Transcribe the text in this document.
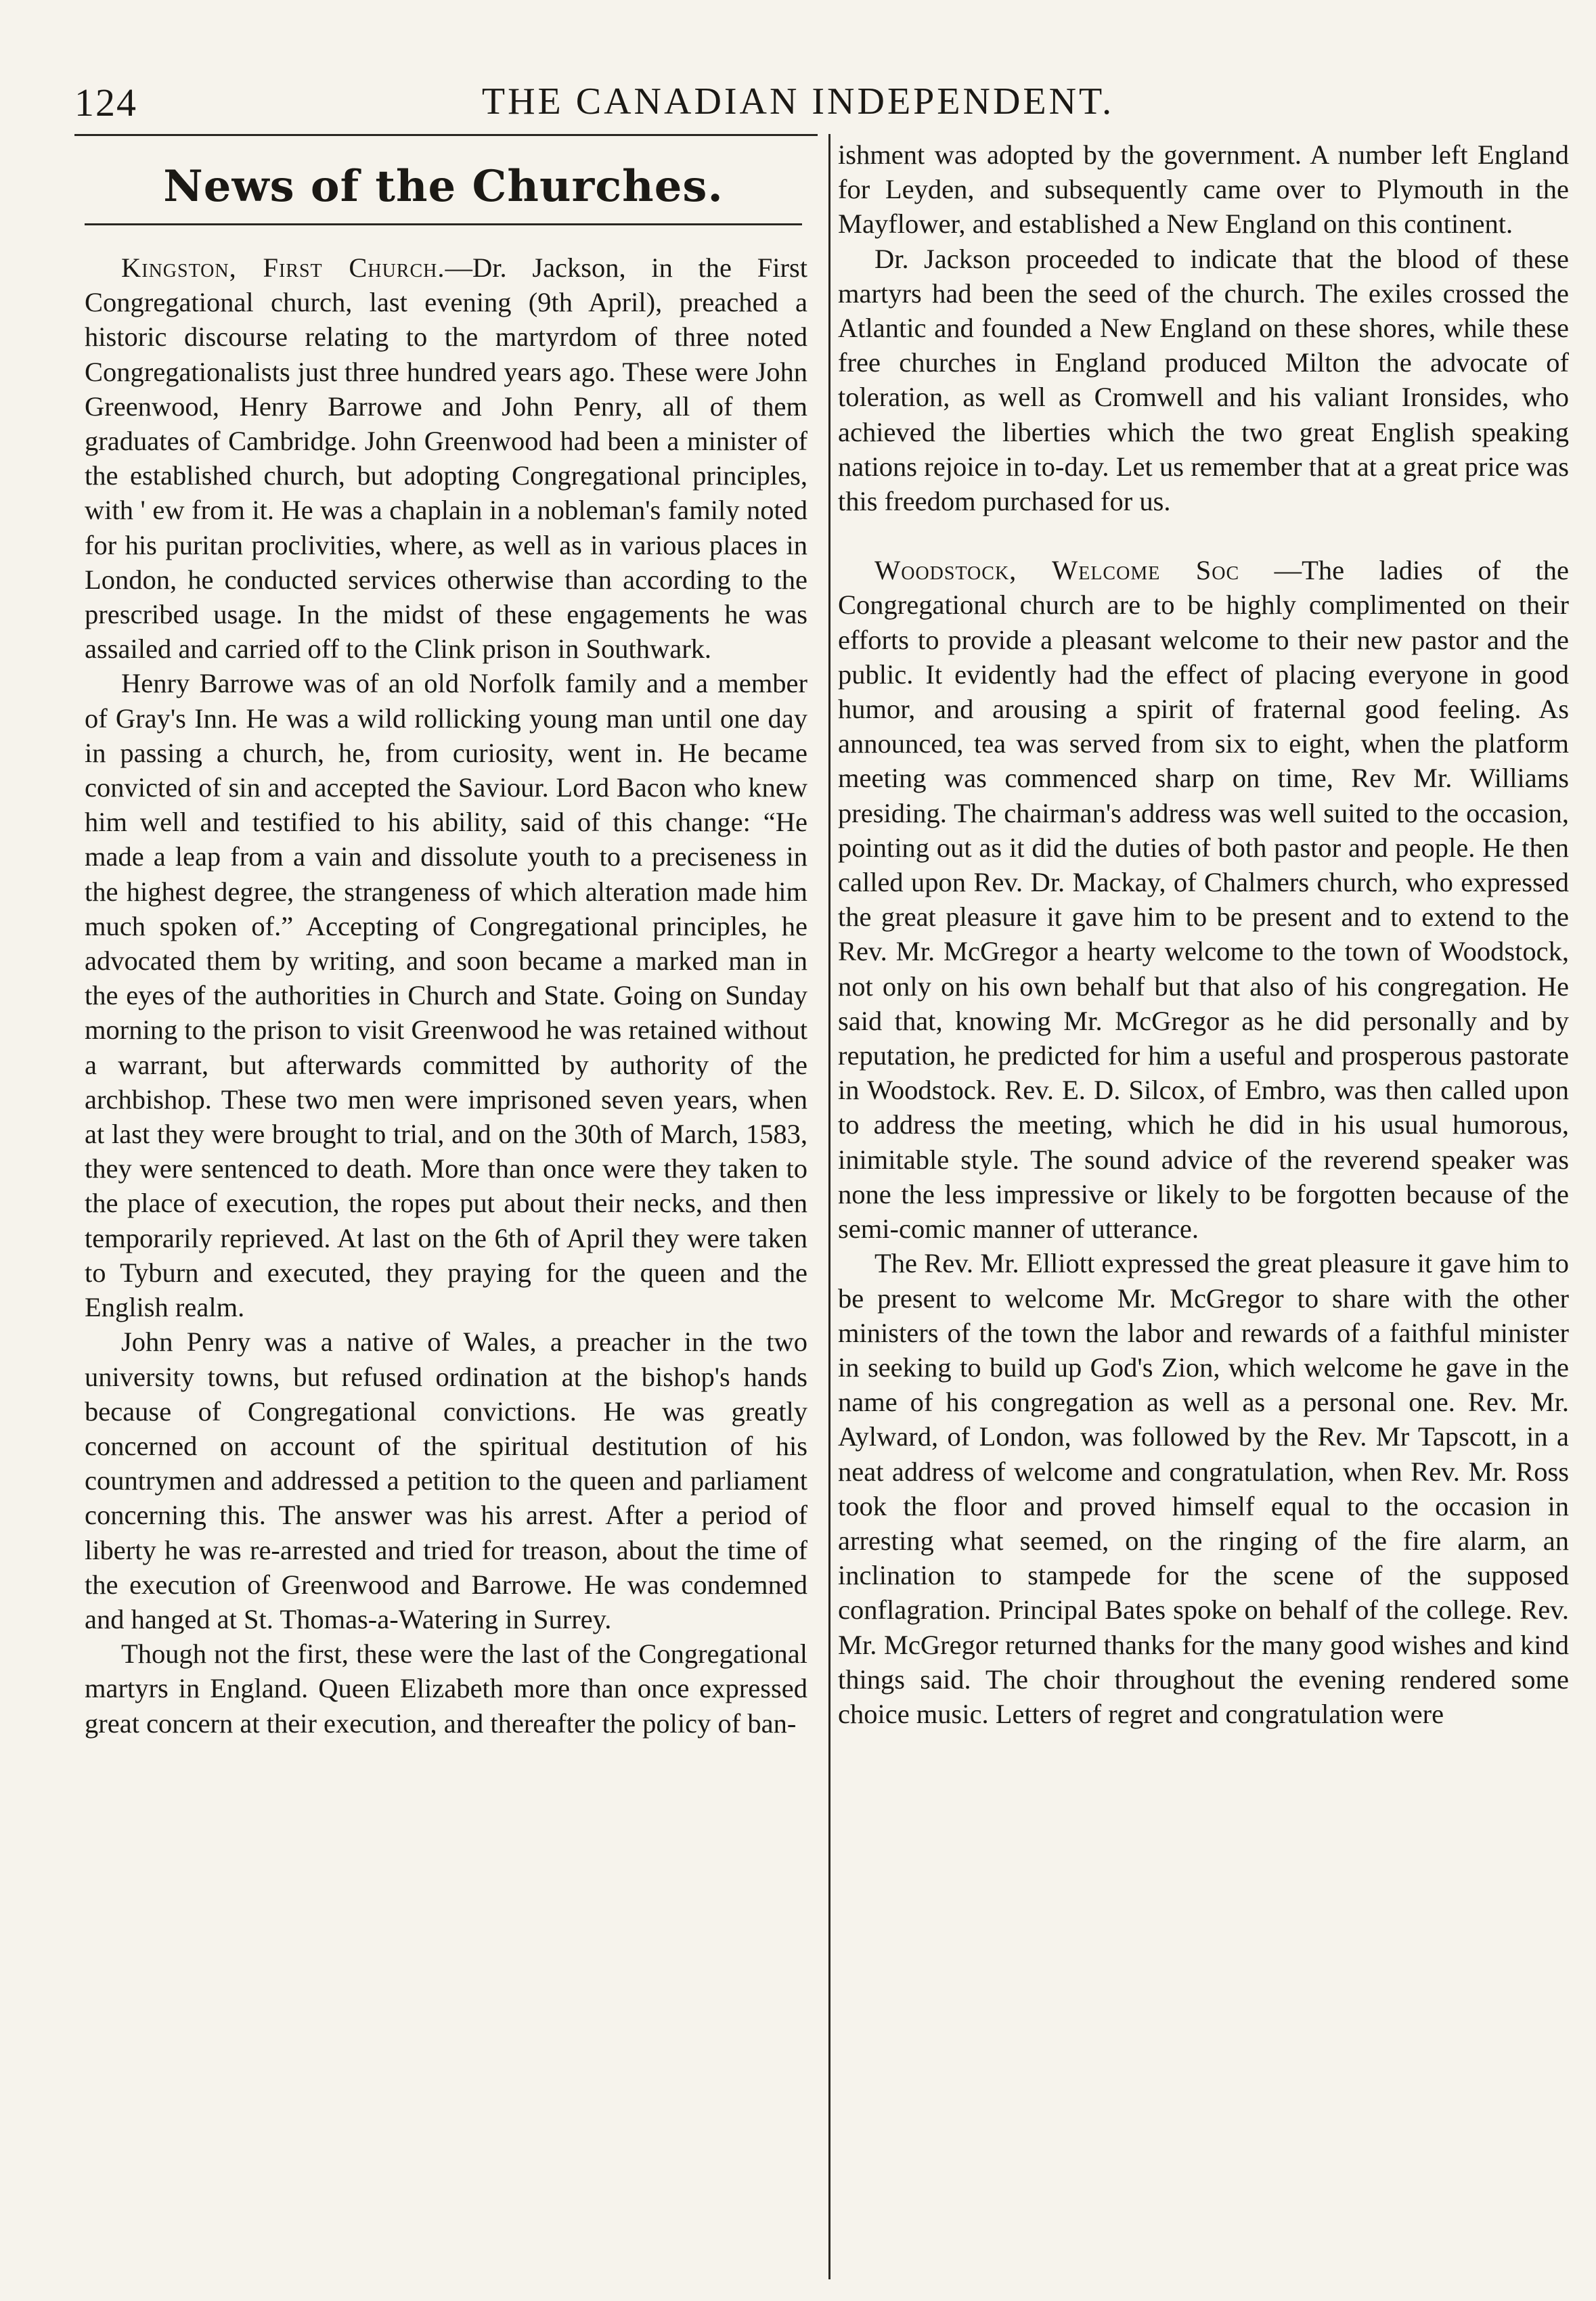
124	THE CANADIAN INDEPENDENT.
News of the Churches.

Kingston, First Church.—Dr. Jackson, in the First Congregational church, last evening (9th April), preached a historic discourse relating to the martyrdom of three noted Congregationalists just three hundred years ago. These were John Greenwood, Henry Barrowe and John Penry, all of them graduates of Cambridge. John Greenwood had been a minister of the established church, but adopting Congregational principles, with ' ew from it. He was a chaplain in a nobleman's family noted for his puritan proclivities, where, as well as in various places in London, he conducted services otherwise than according to the prescribed usage. In the midst of these engagements he was assailed and carried off to the Clink prison in Southwark.

Henry Barrowe was of an old Norfolk family and a member of Gray's Inn. He was a wild rollicking young man until one day in passing a church, he, from curiosity, went in. He became convicted of sin and accepted the Saviour. Lord Bacon who knew him well and testified to his ability, said of this change: “He made a leap from a vain and dissolute youth to a preciseness in the highest degree, the strangeness of which alteration made him much spoken of.” Accepting of Congregational principles, he advocated them by writing, and soon became a marked man in the eyes of the authorities in Church and State. Going on Sunday morning to the prison to visit Greenwood he was retained without a warrant, but afterwards committed by authority of the archbishop. These two men were imprisoned seven years, when at last they were brought to trial, and on the 30th of March, 1583, they were sentenced to death. More than once were they taken to the place of execution, the ropes put about their necks, and then temporarily reprieved. At last on the 6th of April they were taken to Tyburn and executed, they praying for the queen and the English realm.

John Penry was a native of Wales, a preacher in the two university towns, but refused ordination at the bishop's hands because of Congregational convictions. He was greatly concerned on account of the spiritual destitution of his countrymen and addressed a petition to the queen and parliament concerning this. The answer was his arrest. After a period of liberty he was re-arrested and tried for treason, about the time of the execution of Greenwood and Barrowe. He was condemned and hanged at St. Thomas-a-Watering in Surrey.

Though not the first, these were the last of the Congregational martyrs in England. Queen Elizabeth more than once expressed great concern at their execution, and thereafter the policy of ban-

ishment was adopted by the government. A number left England for Leyden, and subsequently came over to Plymouth in the Mayflower, and established a New England on this continent.

Dr. Jackson proceeded to indicate that the blood of these martyrs had been the seed of the church. The exiles crossed the Atlantic and founded a New England on these shores, while these free churches in England produced Milton the advocate of toleration, as well as Cromwell and his valiant Ironsides, who achieved the liberties which the two great English speaking nations rejoice in to-day. Let us remember that at a great price was this freedom purchased for us.

Woodstock, Welcome Soc —The ladies of the Congregational church are to be highly complimented on their efforts to provide a pleasant welcome to their new pastor and the public. It evidently had the effect of placing everyone in good humor, and arousing a spirit of fraternal good feeling. As announced, tea was served from six to eight, when the platform meeting was commenced sharp on time, Rev Mr. Williams presiding. The chairman's address was well suited to the occasion, pointing out as it did the duties of both pastor and people. He then called upon Rev. Dr. Mackay, of Chalmers church, who expressed the great pleasure it gave him to be present and to extend to the Rev. Mr. McGregor a hearty welcome to the town of Woodstock, not only on his own behalf but that also of his congregation. He said that, knowing Mr. McGregor as he did personally and by reputation, he predicted for him a useful and prosperous pastorate in Woodstock. Rev. E. D. Silcox, of Embro, was then called upon to address the meeting, which he did in his usual humorous, inimitable style. The sound advice of the reverend speaker was none the less impressive or likely to be forgotten because of the semi-comic manner of utterance.

The Rev. Mr. Elliott expressed the great pleasure it gave him to be present to welcome Mr. McGregor to share with the other ministers of the town the labor and rewards of a faithful minister in seeking to build up God's Zion, which welcome he gave in the name of his congregation as well as a personal one. Rev. Mr. Aylward, of London, was followed by the Rev. Mr Tapscott, in a neat address of welcome and congratulation, when Rev. Mr. Ross took the floor and proved himself equal to the occasion in arresting what seemed, on the ringing of the fire alarm, an inclination to stampede for the scene of the supposed conflagration. Principal Bates spoke on behalf of the college. Rev. Mr. McGregor returned thanks for the many good wishes and kind things said. The choir throughout the evening rendered some choice music. Letters of regret and congratulation were
